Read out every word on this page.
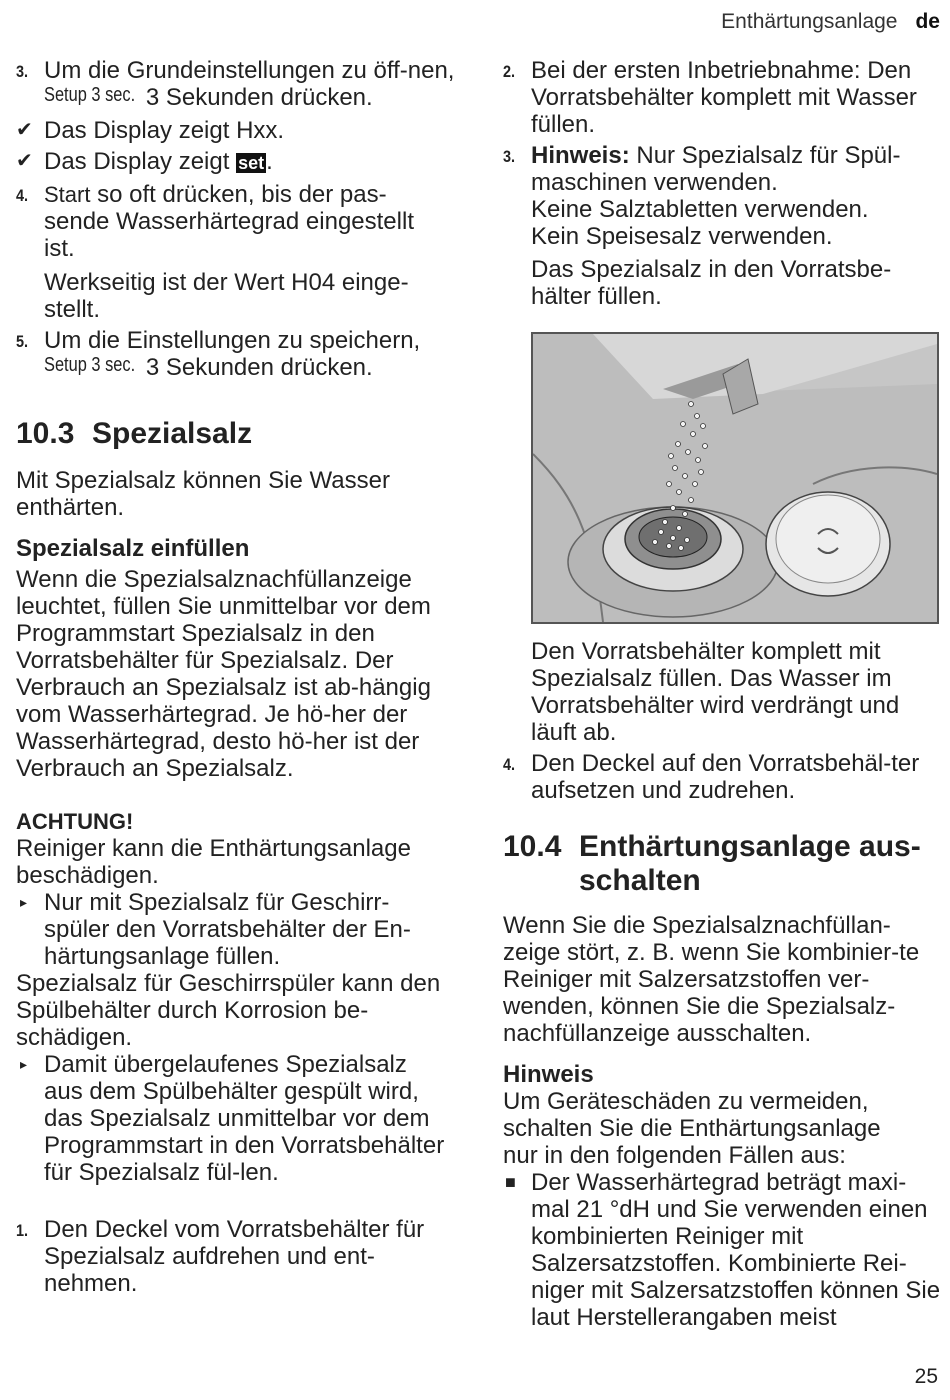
Enthärtungsanlage de
3. Um die Grundeinstellungen zu öff-nen, Setup 3 sec. 3 Sekunden drücken.
✔ Das Display zeigt Hxx.
✔ Das Display zeigt set.
4. Start so oft drücken, bis der pas-sende Wasserhärtegrad eingestellt ist.
Werkseitig ist der Wert H04 einge-stellt.
5. Um die Einstellungen zu speichern, Setup 3 sec. 3 Sekunden drücken.
10.3 Spezialsalz

Mit Spezialsalz können Sie Wasser enthärten.

Spezialsalz einfüllen

Wenn die Spezialsalznachfüllanzeige leuchtet, füllen Sie unmittelbar vor dem Programmstart Spezialsalz in den Vorratsbehälter für Spezialsalz. Der Verbrauch an Spezialsalz ist ab-hängig vom Wasserhärtegrad. Je hö-her der Wasserhärtegrad, desto hö-her ist der Verbrauch an Spezialsalz.

ACHTUNG!

Reiniger kann die Enthärtungsanlage beschädigen.

▸ Nur mit Spezialsalz für Geschirr-spüler den Vorratsbehälter der En-härtungsanlage füllen.

Spezialsalz für Geschirrspüler kann den Spülbehälter durch Korrosion be-schädigen.

▸ Damit übergelaufenes Spezialsalz aus dem Spülbehälter gespült wird, das Spezialsalz unmittelbar vor dem Programmstart in den Vorratsbehälter für Spezialsalz fül-len.
1. Den Deckel vom Vorratsbehälter für Spezialsalz aufdrehen und ent-nehmen.
2. Bei der ersten Inbetriebnahme: Den Vorratsbehälter komplett mit Wasser füllen.
3. Hinweis: Nur Spezialsalz für Spül-maschinen verwenden.
Keine Salztabletten verwenden.
Kein Speisesalz verwenden.
Das Spezialsalz in den Vorratsbe-hälter füllen.

Den Vorratsbehälter komplett mit Spezialsalz füllen. Das Wasser im Vorratsbehälter wird verdrängt und läuft ab.

4. Den Deckel auf den Vorratsbehäl-ter aufsetzen und zudrehen.
10.4 Enthärtungsanlage aus-schalten

Wenn Sie die Spezialsalznachfüllan-zeige stört, z. B. wenn Sie kombinier-te Reiniger mit Salzersatzstoffen ver-wenden, können Sie die Spezialsalz-nachfüllanzeige ausschalten.

Hinweis

Um Geräteschäden zu vermeiden, schalten Sie die Enthärtungsanlage nur in den folgenden Fällen aus:

■ Der Wasserhärtegrad beträgt maxi-mal 21 °dH und Sie verwenden einen kombinierten Reiniger mit Salzersatzstoffen. Kombinierte Rei-niger mit Salzersatzstoffen können Sie laut Herstellerangaben meist
25
